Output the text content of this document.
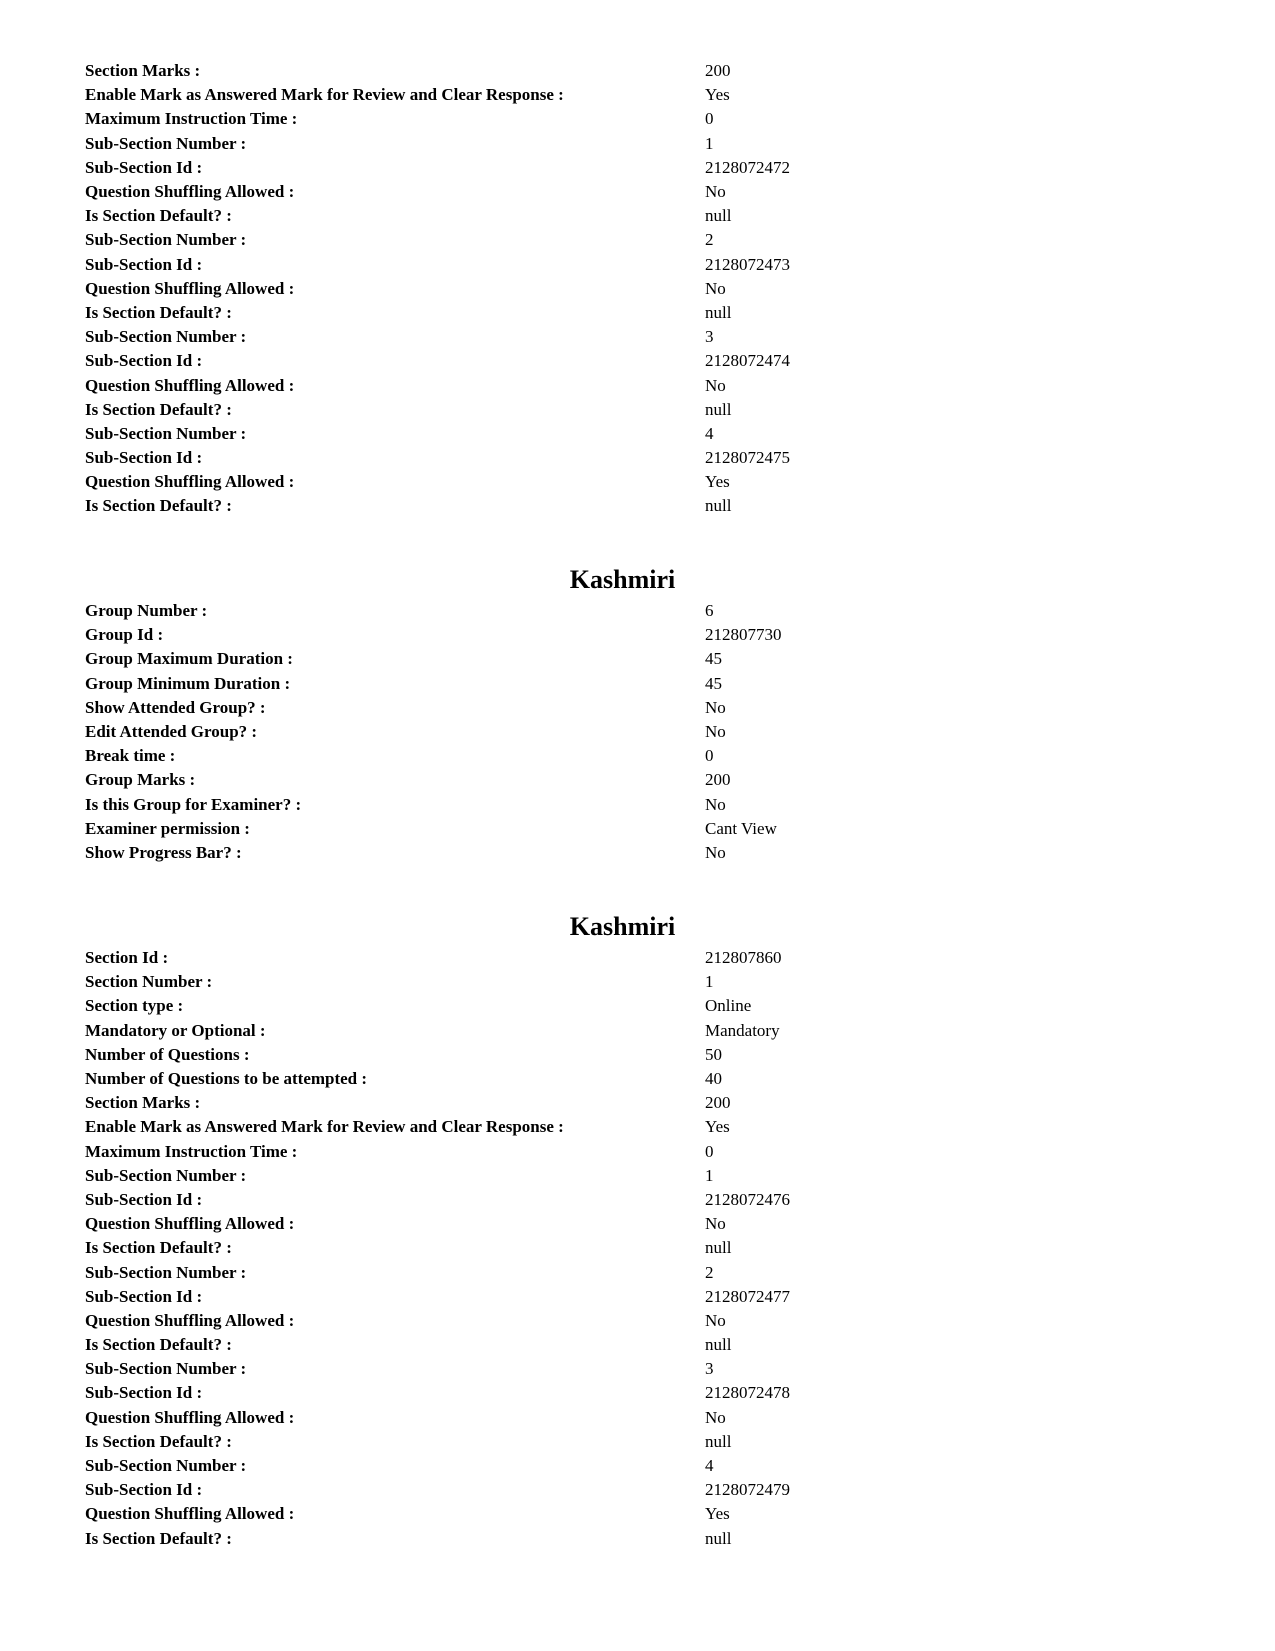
Section Marks :	200
Enable Mark as Answered Mark for Review and Clear Response :	Yes
Maximum Instruction Time :	0
Sub-Section Number :	1
Sub-Section Id :	2128072472
Question Shuffling Allowed :	No
Is Section Default? :	null
Sub-Section Number :	2
Sub-Section Id :	2128072473
Question Shuffling Allowed :	No
Is Section Default? :	null
Sub-Section Number :	3
Sub-Section Id :	2128072474
Question Shuffling Allowed :	No
Is Section Default? :	null
Sub-Section Number :	4
Sub-Section Id :	2128072475
Question Shuffling Allowed :	Yes
Is Section Default? :	null
Kashmiri
Group Number :	6
Group Id :	212807730
Group Maximum Duration :	45
Group Minimum Duration :	45
Show Attended Group? :	No
Edit Attended Group? :	No
Break time :	0
Group Marks :	200
Is this Group for Examiner? :	No
Examiner permission :	Cant View
Show Progress Bar? :	No
Kashmiri
Section Id :	212807860
Section Number :	1
Section type :	Online
Mandatory or Optional :	Mandatory
Number of Questions :	50
Number of Questions to be attempted :	40
Section Marks :	200
Enable Mark as Answered Mark for Review and Clear Response :	Yes
Maximum Instruction Time :	0
Sub-Section Number :	1
Sub-Section Id :	2128072476
Question Shuffling Allowed :	No
Is Section Default? :	null
Sub-Section Number :	2
Sub-Section Id :	2128072477
Question Shuffling Allowed :	No
Is Section Default? :	null
Sub-Section Number :	3
Sub-Section Id :	2128072478
Question Shuffling Allowed :	No
Is Section Default? :	null
Sub-Section Number :	4
Sub-Section Id :	2128072479
Question Shuffling Allowed :	Yes
Is Section Default? :	null
